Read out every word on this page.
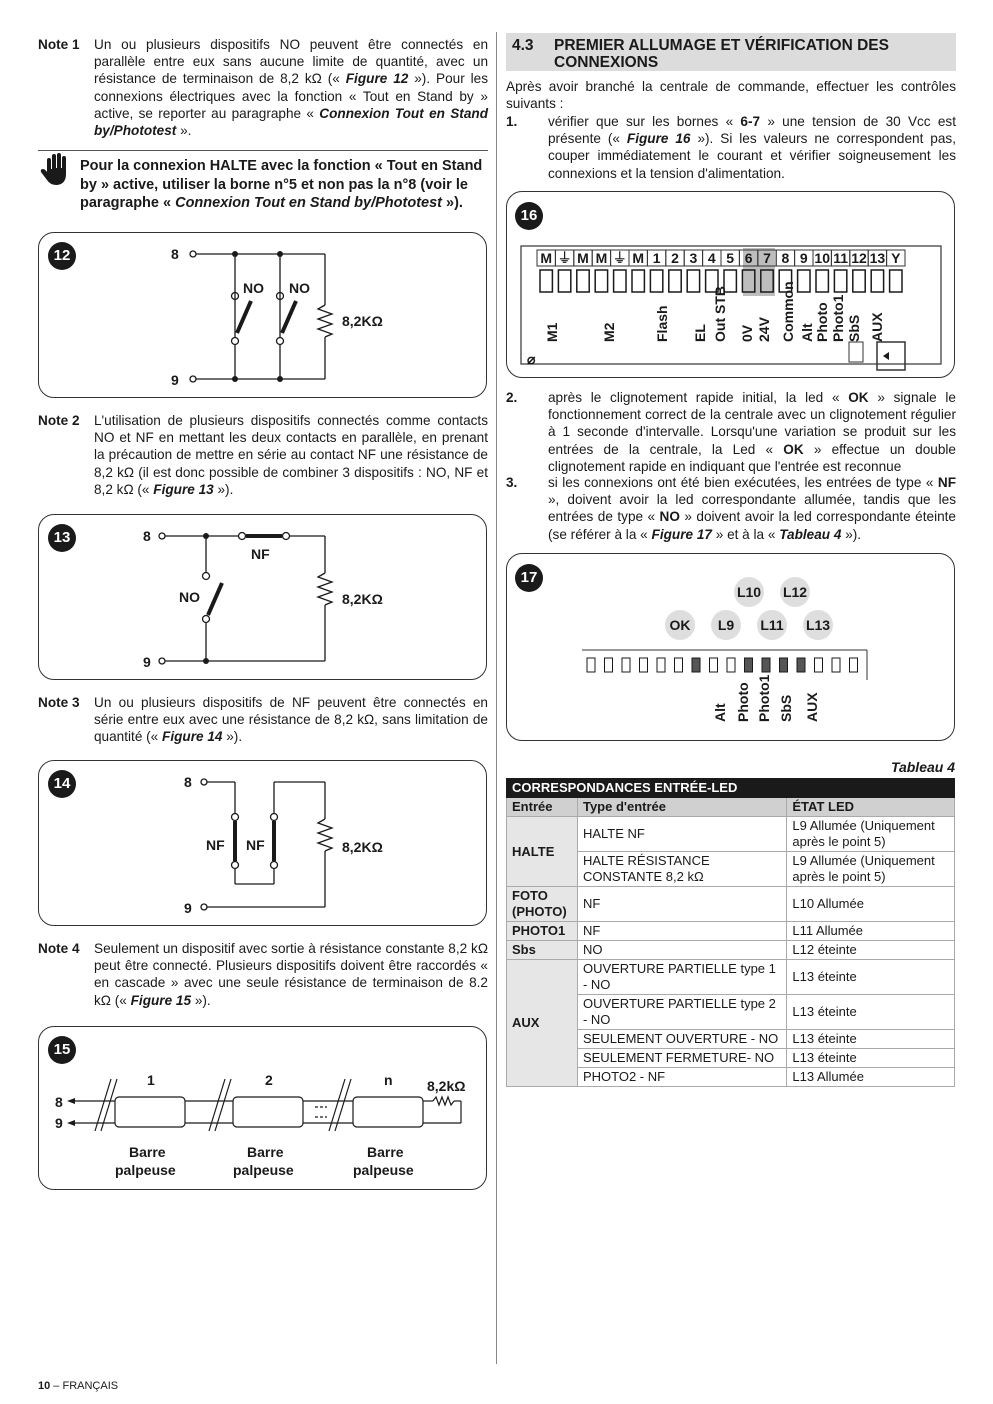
Note 1	Un ou plusieurs dispositifs NO peuvent être connectés en parallèle entre eux sans aucune limite de quantité, avec un résistance de terminaison de 8,2 kΩ (« Figure 12 »). Pour les connexions électriques avec la fonction « Tout en Stand by » active, se reporter au paragraphe « Connexion Tout en Stand by/Phototest ».
Pour la connexion HALTE avec la fonction « Tout en Stand by » active, utiliser la borne n°5 et non pas la n°8 (voir le paragraphe « Connexion Tout en Stand by/Phototest »).
12	8
9
NO NO
8,2KΩ
Note 2	L'utilisation de plusieurs dispositifs connectés comme contacts NO et NF en mettant les deux contacts en parallèle, en prenant la précaution de mettre en série au contact NF une résistance de 8,2 kΩ (il est donc possible de combiner 3 dispositifs : NO, NF et 8,2 kΩ (« Figure 13 »).
13	8
9
NF
NO	8,2KΩ
Note 3	Un ou plusieurs dispositifs de NF peuvent être connectés en série entre eux avec une résistance de 8,2 kΩ, sans limitation de quantité (« Figure 14 »).
14	8
9
NF NF	8,2KΩ
Note 4	Seulement un dispositif avec sortie à résistance constante 8,2 kΩ peut être connecté. Plusieurs dispositifs doivent être raccordés « en cascade » avec une seule résistance de terminaison de 8.2 kΩ (« Figure 15 »).
15
8
9
1	2	n 8,2kΩ
Barre
palpeuse
Barre
palpeuse
Barre
palpeuse
4.3	PREMIER ALLUMAGE ET VÉRIFICATION DES CONNEXIONS
Après avoir branché la centrale de commande, effectuer les contrôles suivants :
1.	vérifier que sur les bornes « 6-7 » une tension de 30 Vcc est présente (« Figure 16 »). Si les valeurs ne correspondent pas, couper immédiatement le courant et vérifier soigneusement les connexions et la tension d'alimentation.
16
M ⏚ M M ⏚ M 1 2 3 4 5 6 7 8 9 10 11 12 13 Y
M1	M2	Flash EL Out STB 0V 24V Common Alt Photo Photo1 SbS AUX
⌀
2.	après le clignotement rapide initial, la led « OK » signale le fonctionnement correct de la centrale avec un clignotement régulier à 1 seconde d'intervalle. Lorsqu'une variation se produit sur les entrées de la centrale, la Led « OK » effectue un double clignotement rapide en indiquant que l'entrée est reconnue
3.	si les connexions ont été bien exécutées, les entrées de type « NF », doivent avoir la led correspondante allumée, tandis que les entrées de type « NO » doivent avoir la led correspondante éteinte (se référer à la « Figure 17 » et à la « Tableau 4 »).
17
L10 L12
OK L9 L11 L13
Alt Photo Photo1 SbS AUX
Tableau 4
CORRESPONDANCES ENTRÉE-LED		
Entrée	Type d'entrée	ÉTAT LED
HALTE	HALTE NF	L9 Allumée (Uniquement après le point 5)
	HALTE RÉSISTANCE CONSTANTE 8,2 kΩ	L9 Allumée (Uniquement après le point 5)
FOTO (PHOTO)	NF	L10 Allumée
PHOTO1	NF	L11 Allumée
Sbs	NO	L12 éteinte
AUX	OUVERTURE PARTIELLE type 1 - NO	L13 éteinte
	OUVERTURE PARTIELLE type 2 - NO	L13 éteinte
	SEULEMENT OUVERTURE - NO	L13 éteinte
	SEULEMENT FERMETURE- NO	L13 éteinte
	PHOTO2 - NF	L13 Allumée
10 – FRANÇAIS
